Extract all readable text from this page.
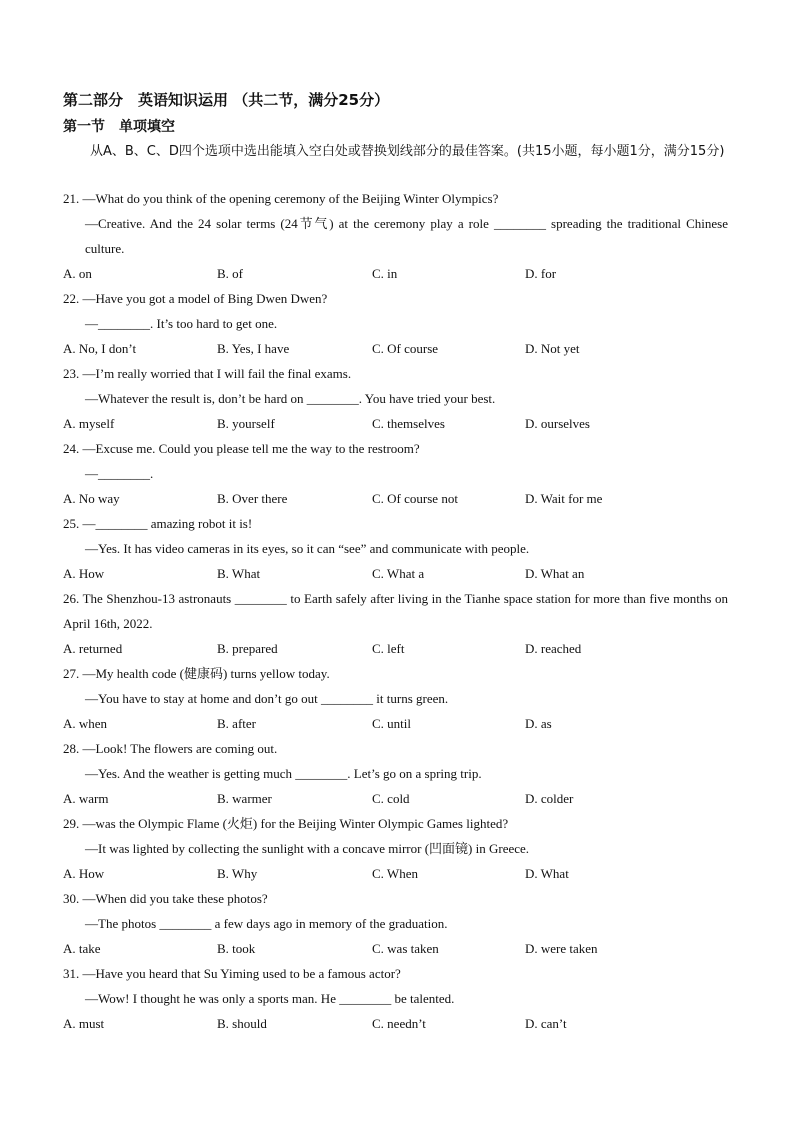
第二部分　英语知识运用 （共二节，满分25分）
第一节　单项填空
从A、B、C、D四个选项中选出能填入空白处或替换划线部分的最佳答案。(共15小题，每小题1分，满分15分)
21. —What do you think of the opening ceremony of the Beijing Winter Olympics?
—Creative. And the 24 solar terms (24节气) at the ceremony play a role ________ spreading the traditional Chinese culture.
A. on	B. of	C. in	D. for
22. —Have you got a model of Bing Dwen Dwen?
—________. It’s too hard to get one.
A. No, I don’t	B. Yes, I have	C. Of course	D. Not yet
23. —I’m really worried that I will fail the final exams.
—Whatever the result is, don’t be hard on ________. You have tried your best.
A. myself	B. yourself	C. themselves	D. ourselves
24. —Excuse me. Could you please tell me the way to the restroom?
—________.
A. No way	B. Over there	C. Of course not	D. Wait for me
25. —________ amazing robot it is!
—Yes. It has video cameras in its eyes, so it can “see” and communicate with people.
A. How	B. What	C. What a	D. What an
26. The Shenzhou-13 astronauts ________ to Earth safely after living in the Tianhe space station for more than five months on April 16th, 2022.
A. returned	B. prepared	C. left	D. reached
27. —My health code (健康码) turns yellow today.
—You have to stay at home and don’t go out ________ it turns green.
A. when	B. after	C. until	D. as
28. —Look! The flowers are coming out.
—Yes. And the weather is getting much ________. Let’s go on a spring trip.
A. warm	B. warmer	C. cold	D. colder
29. —was the Olympic Flame (火炬) for the Beijing Winter Olympic Games lighted?
—It was lighted by collecting the sunlight with a concave mirror (凹面镜) in Greece.
A. How	B. Why	C. When	D. What
30. —When did you take these photos?
—The photos ________ a few days ago in memory of the graduation.
A. take	B. took	C. was taken	D. were taken
31. —Have you heard that Su Yiming used to be a famous actor?
—Wow! I thought he was only a sports man. He ________ be talented.
A. must	B. should	C. needn’t	D. can’t
